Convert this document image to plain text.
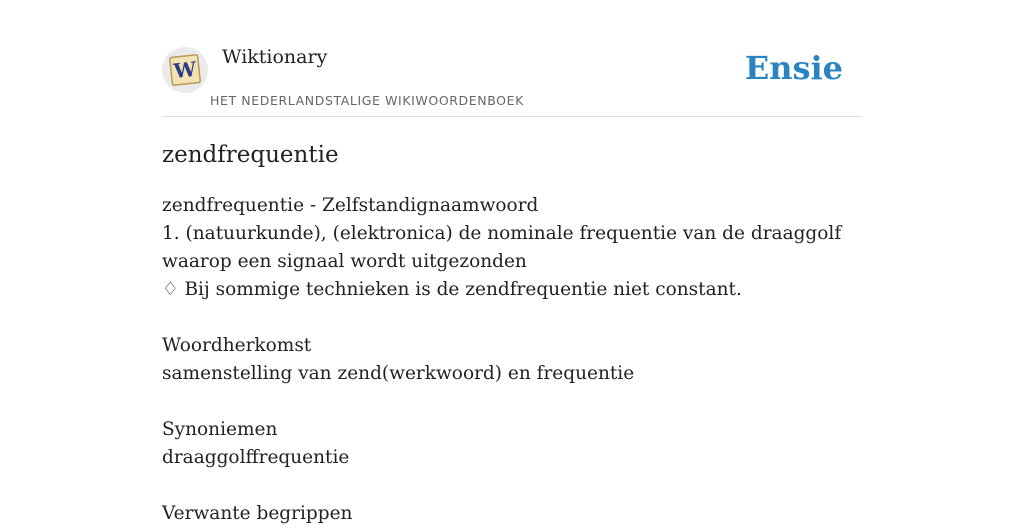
W Wiktionary
HET NEDERLANDSTALIGE WIKIWOORDENBOEK
Ensie
zendfrequentie

zendfrequentie - Zelfstandignaamwoord

1. (natuurkunde), (elektronica) de nominale frequentie van de draaggolf waarop een signaal wordt uitgezonden

♢ Bij sommige technieken is de zendfrequentie niet constant.

Woordherkomst

samenstelling van zend(werkwoord) en frequentie

Synoniemen

draaggolffrequentie

Verwante begrippen
